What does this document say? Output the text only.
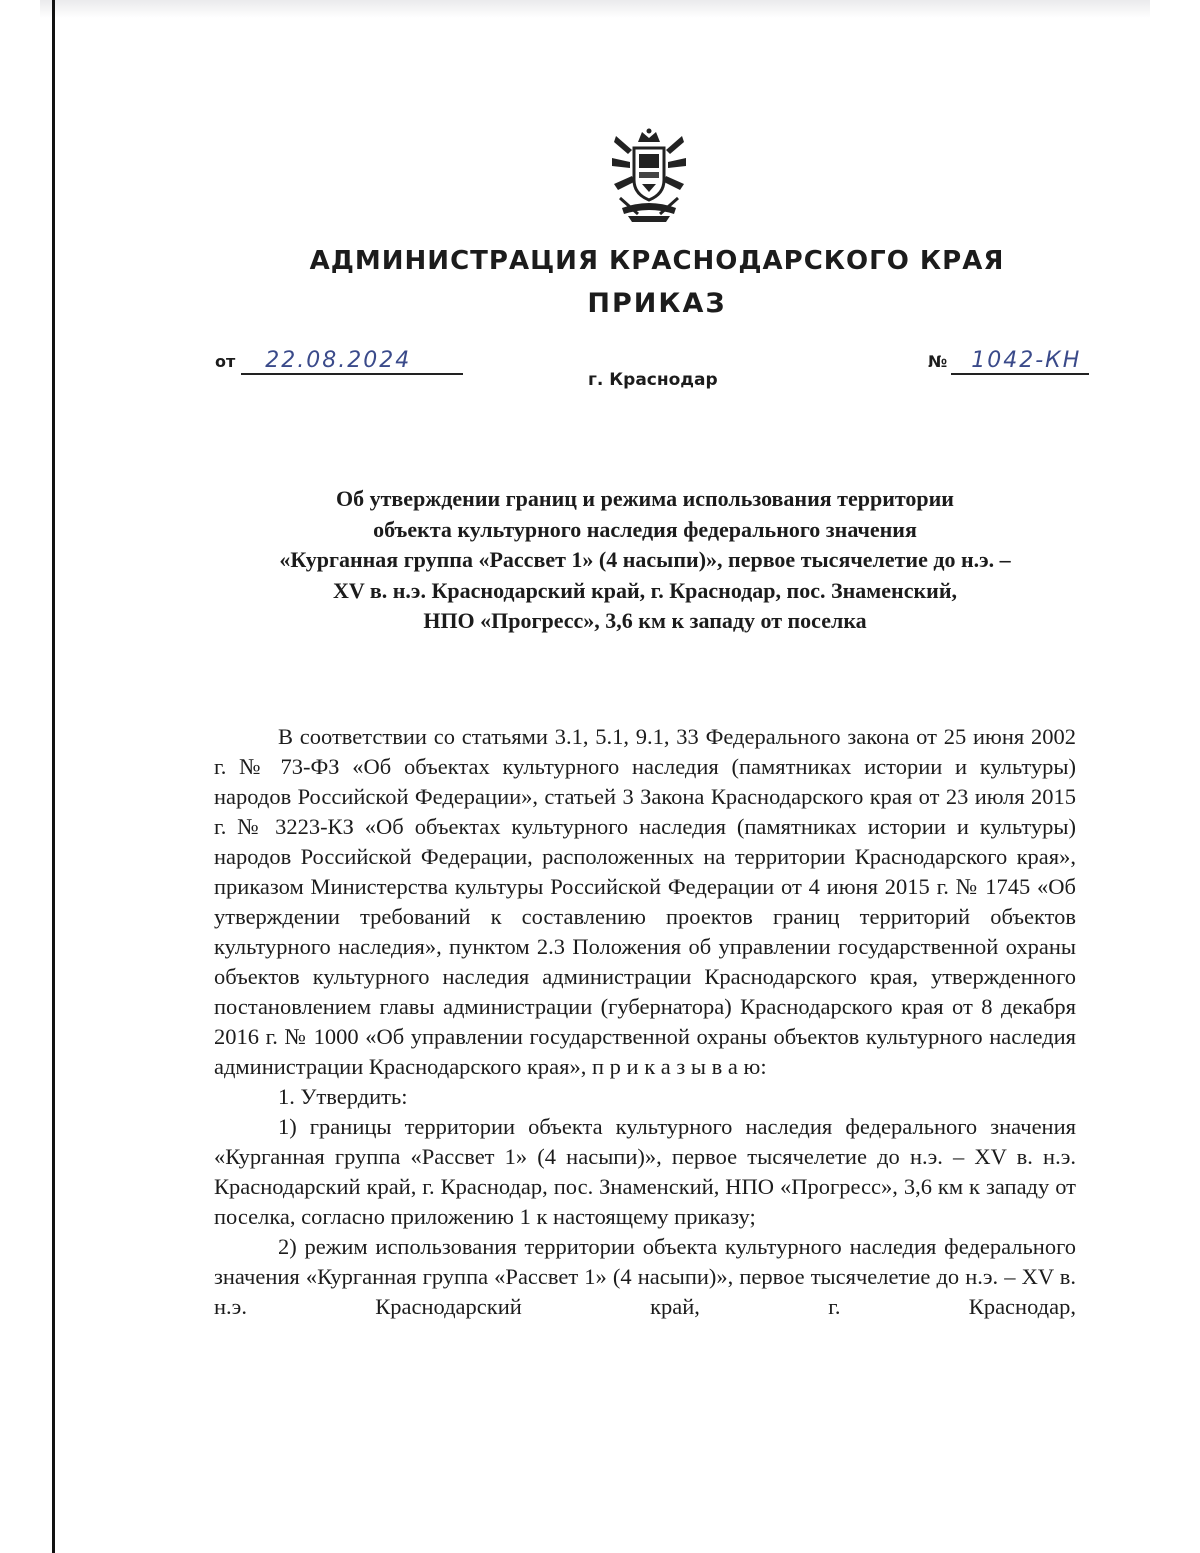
АДМИНИСТРАЦИЯ КРАСНОДАРСКОГО КРАЯ
ПРИКАЗ
от 22.08.2024
г. Краснодар
№ 1042-КН
Об утверждении границ и режима использования территории
объекта культурного наследия федерального значения
«Курганная группа «Рассвет 1» (4 насыпи)», первое тысячелетие до н.э. –
XV в. н.э. Краснодарский край, г. Краснодар, пос. Знаменский,
НПО «Прогресс», 3,6 км к западу от поселка

В соответствии со статьями 3.1, 5.1, 9.1, 33 Федерального закона от 25 июня 2002 г. № 73-ФЗ «Об объектах культурного наследия (памятниках истории и культуры) народов Российской Федерации», статьей 3 Закона Краснодарского края от 23 июля 2015 г. № 3223-КЗ «Об объектах культурного наследия (памятниках истории и культуры) народов Российской Федерации, расположенных на территории Краснодарского края», приказом Министерства культуры Российской Федерации от 4 июня 2015 г. № 1745 «Об утверждении требований к составлению проектов границ территорий объектов культурного наследия», пунктом 2.3 Положения об управлении государственной охраны объектов культурного наследия администрации Краснодарского края, утвержденного постановлением главы администрации (губернатора) Краснодарского края от 8 декабря 2016 г. № 1000 «Об управлении государственной охраны объектов культурного наследия администрации Краснодарского края», п р и к а з ы в а ю:

1. Утвердить:

1) границы территории объекта культурного наследия федерального значения «Курганная группа «Рассвет 1» (4 насыпи)», первое тысячелетие до н.э. – XV в. н.э. Краснодарский край, г. Краснодар, пос. Знаменский, НПО «Прогресс», 3,6 км к западу от поселка, согласно приложению 1 к настоящему приказу;

2) режим использования территории объекта культурного наследия федерального значения «Курганная группа «Рассвет 1» (4 насыпи)», первое тысячелетие до н.э. – XV в. н.э. Краснодарский край, г. Краснодар,
